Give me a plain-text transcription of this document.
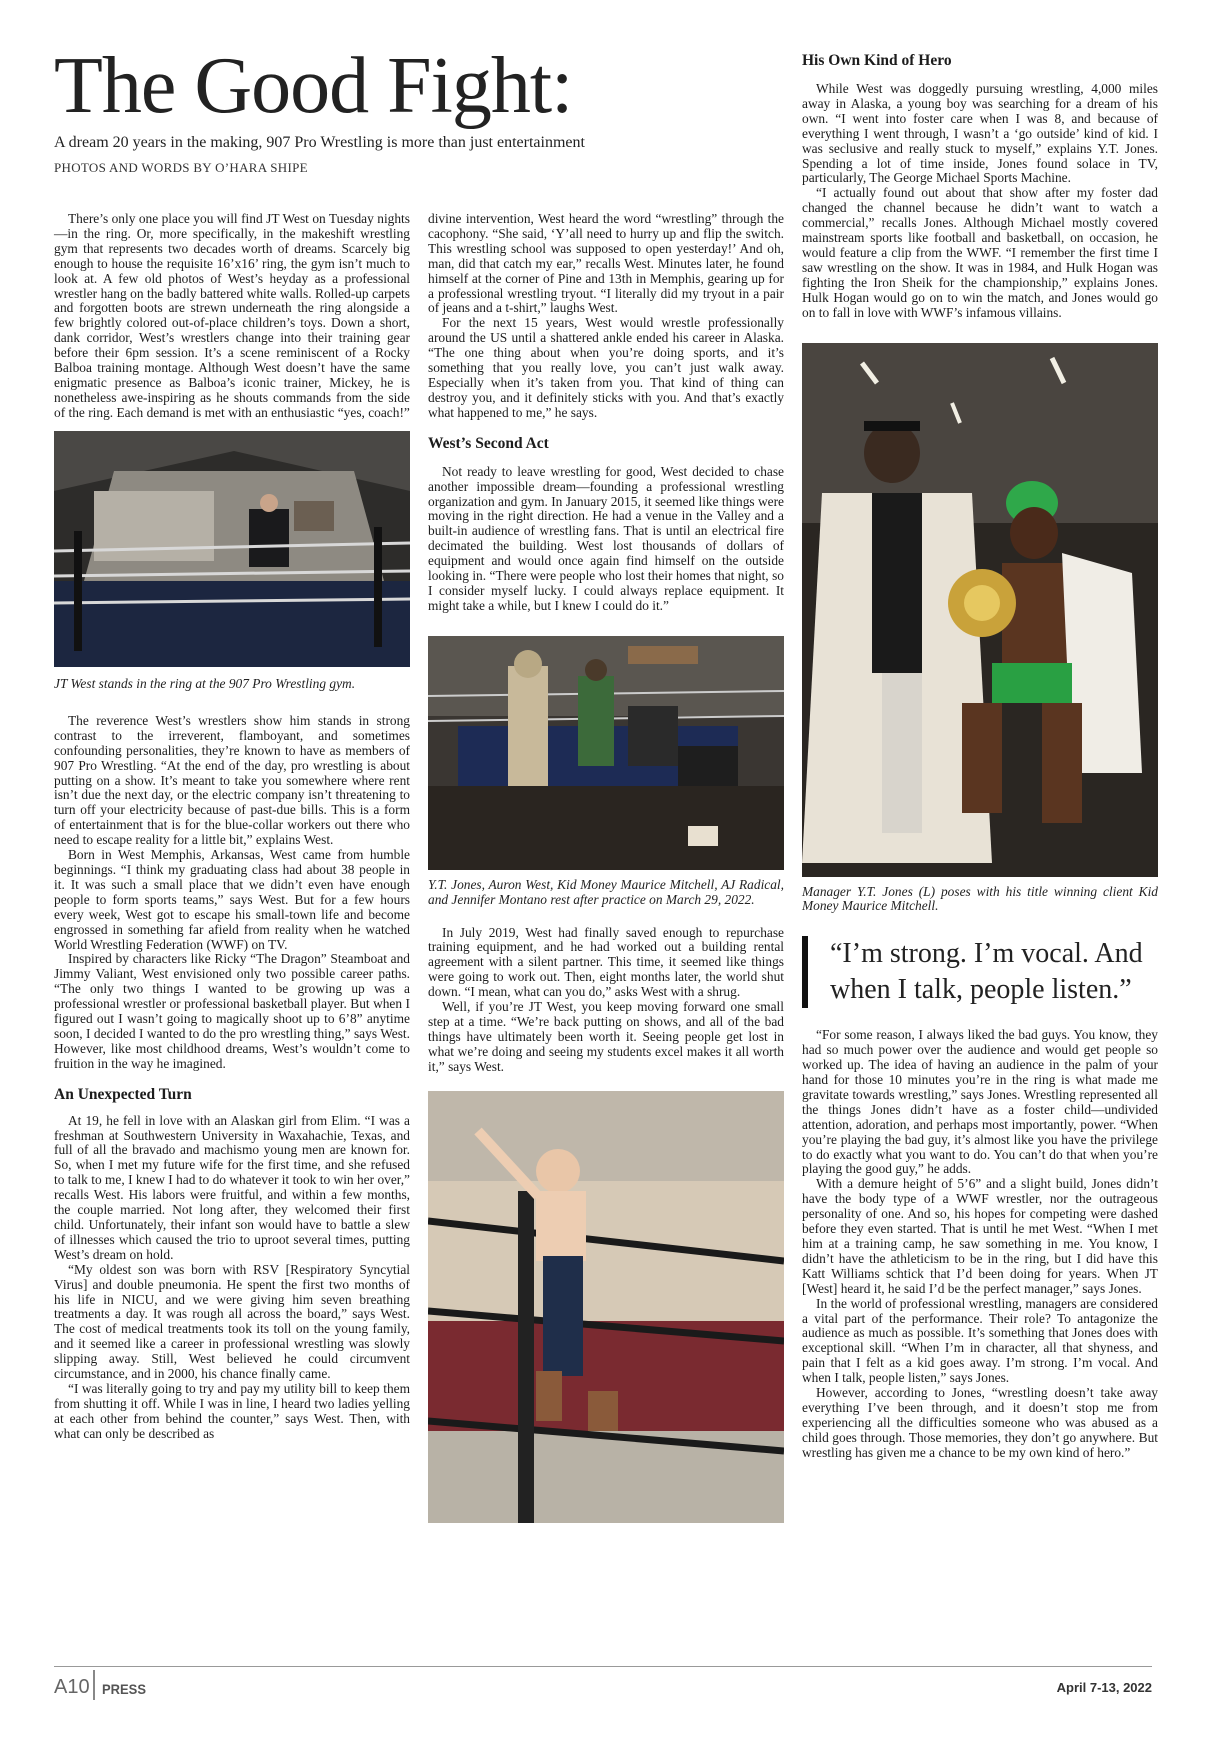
The Good Fight:
A dream 20 years in the making, 907 Pro Wrestling is more than just entertainment
PHOTOS AND WORDS BY O’HARA SHIPE

There’s only one place you will find JT West on Tuesday nights—in the ring. Or, more specifically, in the makeshift wrestling gym that represents two decades worth of dreams. Scarcely big enough to house the requisite 16’x16’ ring, the gym isn’t much to look at. A few old photos of West’s heyday as a professional wrestler hang on the badly battered white walls. Rolled-up carpets and forgotten boots are strewn underneath the ring alongside a few brightly colored out-of-place children’s toys. Down a short, dank corridor, West’s wrestlers change into their training gear before their 6pm session. It’s a scene reminiscent of a Rocky Balboa training montage. Although West doesn’t have the same enigmatic presence as Balboa’s iconic trainer, Mickey, he is nonetheless awe-inspiring as he shouts commands from the side of the ring. Each demand is met with an enthusiastic “yes, coach!”

JT West stands in the ring at the 907 Pro Wrestling gym.

The reverence West’s wrestlers show him stands in strong contrast to the irreverent, flamboyant, and sometimes confounding personalities, they’re known to have as members of 907 Pro Wrestling. “At the end of the day, pro wrestling is about putting on a show. It’s meant to take you somewhere where rent isn’t due the next day, or the electric company isn’t threatening to turn off your electricity because of past-due bills. This is a form of entertainment that is for the blue-collar workers out there who need to escape reality for a little bit,” explains West.

Born in West Memphis, Arkansas, West came from humble beginnings. “I think my graduating class had about 38 people in it. It was such a small place that we didn’t even have enough people to form sports teams,” says West. But for a few hours every week, West got to escape his small-town life and become engrossed in something far afield from reality when he watched World Wrestling Federation (WWF) on TV.

Inspired by characters like Ricky “The Dragon” Steamboat and Jimmy Valiant, West envisioned only two possible career paths. “The only two things I wanted to be growing up was a professional wrestler or professional basketball player. But when I figured out I wasn’t going to magically shoot up to 6’8” anytime soon, I decided I wanted to do the pro wrestling thing,” says West. However, like most childhood dreams, West’s wouldn’t come to fruition in the way he imagined.

An Unexpected Turn

At 19, he fell in love with an Alaskan girl from Elim. “I was a freshman at Southwestern University in Waxahachie, Texas, and full of all the bravado and machismo young men are known for. So, when I met my future wife for the first time, and she refused to talk to me, I knew I had to do whatever it took to win her over,” recalls West. His labors were fruitful, and within a few months, the couple married. Not long after, they welcomed their first child. Unfortunately, their infant son would have to battle a slew of illnesses which caused the trio to uproot several times, putting West’s dream on hold.

“My oldest son was born with RSV [Respiratory Syncytial Virus] and double pneumonia. He spent the first two months of his life in NICU, and we were giving him seven breathing treatments a day. It was rough all across the board,” says West. The cost of medical treatments took its toll on the young family, and it seemed like a career in professional wrestling was slowly slipping away. Still, West believed he could circumvent circumstance, and in 2000, his chance finally came.

“I was literally going to try and pay my utility bill to keep them from shutting it off. While I was in line, I heard two ladies yelling at each other from behind the counter,” says West. Then, with what can only be described as

divine intervention, West heard the word “wrestling” through the cacophony. “She said, ‘Y’all need to hurry up and flip the switch. This wrestling school was supposed to open yesterday!’ And oh, man, did that catch my ear,” recalls West. Minutes later, he found himself at the corner of Pine and 13th in Memphis, gearing up for a professional wrestling tryout. “I literally did my tryout in a pair of jeans and a t-shirt,” laughs West.

For the next 15 years, West would wrestle professionally around the US until a shattered ankle ended his career in Alaska. “The one thing about when you’re doing sports, and it’s something that you really love, you can’t just walk away. Especially when it’s taken from you. That kind of thing can destroy you, and it definitely sticks with you. And that’s exactly what happened to me,” he says.

West’s Second Act

Not ready to leave wrestling for good, West decided to chase another impossible dream—founding a professional wrestling organization and gym. In January 2015, it seemed like things were moving in the right direction. He had a venue in the Valley and a built-in audience of wrestling fans. That is until an electrical fire decimated the building. West lost thousands of dollars of equipment and would once again find himself on the outside looking in. “There were people who lost their homes that night, so I consider myself lucky. I could always replace equipment. It might take a while, but I knew I could do it.”

Y.T. Jones, Auron West, Kid Money Maurice Mitchell, AJ Radical, and Jennifer Montano rest after practice on March 29, 2022.

In July 2019, West had finally saved enough to repurchase training equipment, and he had worked out a building rental agreement with a silent partner. This time, it seemed like things were going to work out. Then, eight months later, the world shut down. “I mean, what can you do,” asks West with a shrug.

Well, if you’re JT West, you keep moving forward one small step at a time. “We’re back putting on shows, and all of the bad things have ultimately been worth it. Seeing people get lost in what we’re doing and seeing my students excel makes it all worth it,” says West.

His Own Kind of Hero

While West was doggedly pursuing wrestling, 4,000 miles away in Alaska, a young boy was searching for a dream of his own. “I went into foster care when I was 8, and because of everything I went through, I wasn’t a ‘go outside’ kind of kid. I was seclusive and really stuck to myself,” explains Y.T. Jones. Spending a lot of time inside, Jones found solace in TV, particularly, The George Michael Sports Machine.

“I actually found out about that show after my foster dad changed the channel because he didn’t want to watch a commercial,” recalls Jones. Although Michael mostly covered mainstream sports like football and basketball, on occasion, he would feature a clip from the WWF. “I remember the first time I saw wrestling on the show. It was in 1984, and Hulk Hogan was fighting the Iron Sheik for the championship,” explains Jones. Hulk Hogan would go on to win the match, and Jones would go on to fall in love with WWF’s infamous villains.

Manager Y.T. Jones (L) poses with his title winning client Kid Money Maurice Mitchell.

“I’m strong. I’m vocal. And when I talk, people listen.”

“For some reason, I always liked the bad guys. You know, they had so much power over the audience and would get people so worked up. The idea of having an audience in the palm of your hand for those 10 minutes you’re in the ring is what made me gravitate towards wrestling,” says Jones. Wrestling represented all the things Jones didn’t have as a foster child—undivided attention, adoration, and perhaps most importantly, power. “When you’re playing the bad guy, it’s almost like you have the privilege to do exactly what you want to do. You can’t do that when you’re playing the good guy,” he adds.

With a demure height of 5’6” and a slight build, Jones didn’t have the body type of a WWF wrestler, nor the outrageous personality of one. And so, his hopes for competing were dashed before they even started. That is until he met West. “When I met him at a training camp, he saw something in me. You know, I didn’t have the athleticism to be in the ring, but I did have this Katt Williams schtick that I’d been doing for years. When JT [West] heard it, he said I’d be the perfect manager,” says Jones.

In the world of professional wrestling, managers are considered a vital part of the performance. Their role? To antagonize the audience as much as possible. It’s something that Jones does with exceptional skill. “When I’m in character, all that shyness, and pain that I felt as a kid goes away. I’m strong. I’m vocal. And when I talk, people listen,” says Jones.

However, according to Jones, “wrestling doesn’t take away everything I’ve been through, and it doesn’t stop me from experiencing all the difficulties someone who was abused as a child goes through. Those memories, they don’t go anywhere. But wrestling has given me a chance to be my own kind of hero.”

A10 PRESS	April 7-13, 2022
